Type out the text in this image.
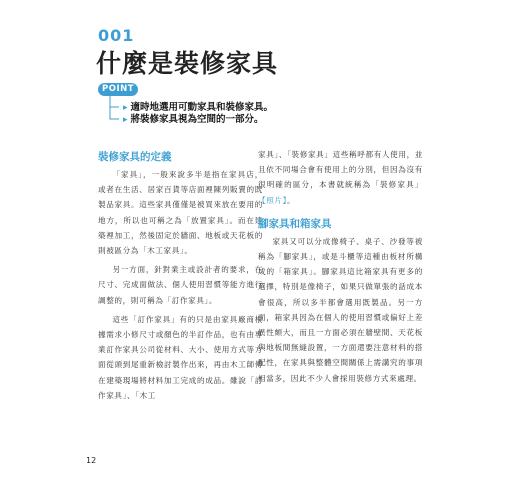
001
什麼是裝修家具
POINT
▸ 適時地選用可動家具和裝修家具。
▸ 將裝修家具視為空間的一部分。
裝修家具的定義

「家具」，一般來說多半是指在家具店，或者在生活、居家百貨等店面裡陳列販賣的既製品家具。這些家具僅僅是被買來放在要用的地方，所以也可稱之為「放置家具」。而在建築裡加工，然後固定於牆面、地板或天花板的則被區分為「木工家具」。

另一方面，針對業主或設計者的要求，在尺寸、完成面做法、個人使用習慣等能方進行調整的，則可稱為「訂作家具」。

這些「訂作家具」有的只是由家具廠商根據需求小修尺寸或顏色的半訂作品，也有由專業訂作家具公司從材料、大小、使用方式等方面從頭到尾重新檢討製作出來，再由木工師傅在建築現場將材料加工完成的成品。雖說「訂作家具」、「木工

家具」、「裝修家具」這些稱呼都有人使用，並且依不同場合會有使用上的分別，但因為沒有很明確的區分，本書就統稱為「裝修家具」【照片】。

腳家具和箱家具

家具又可以分成像椅子、桌子、沙發等被稱為「腳家具」，或是斗櫃等這種由板材所構成的「箱家具」。腳家具這比箱家具有更多的選擇，特別是像椅子，如果只做單張的話成本會很高，所以多半都會選用既製品。另一方面，箱家具因為在個人的使用習慣或偏好上差異性頗大，而且一方面必須在牆壁間、天花板與地板間無縫設置，一方面還要注意材料的搭配性，在家具與整體空間關係上需講究的事項相當多，因此不少人會採用裝修方式來處理。

12
